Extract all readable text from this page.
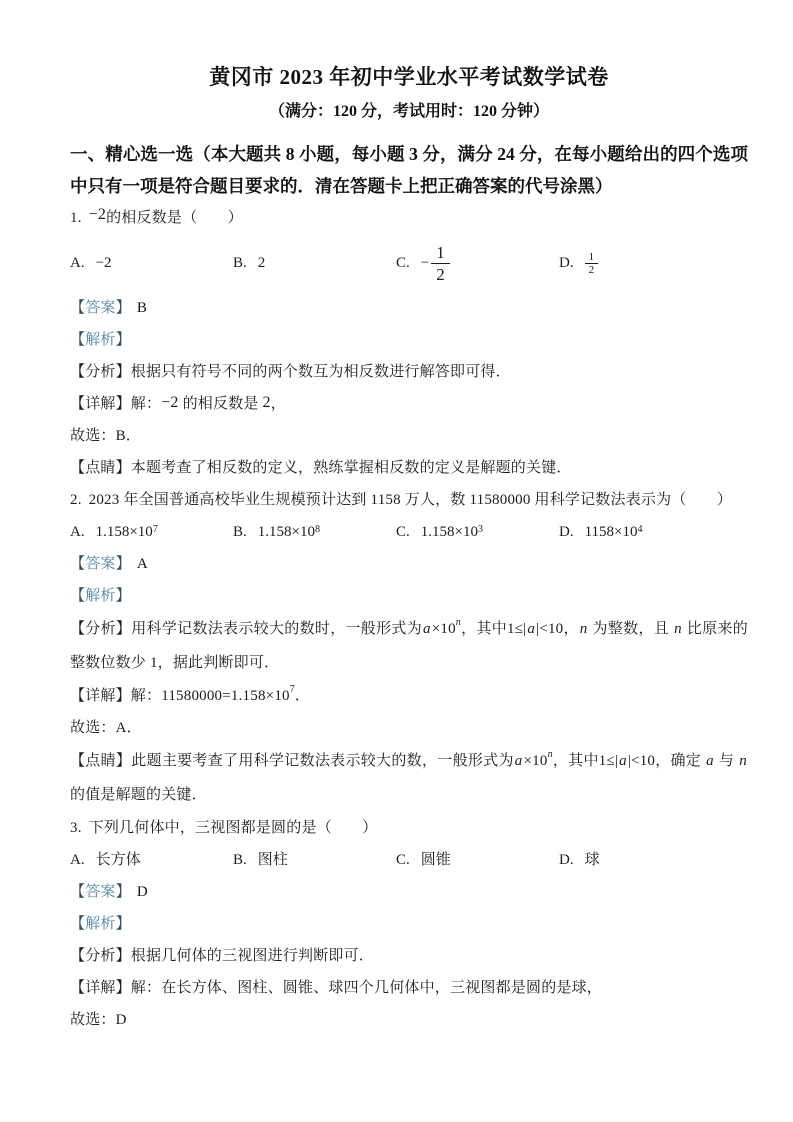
黄冈市 2023 年初中学业水平考试数学试卷

（满分：120 分，考试用时：120 分钟）

一、精心选一选（本大题共 8 小题，每小题 3 分，满分 24 分，在每小题给出的四个选项中只有一项是符合题目要求的．清在答题卡上把正确答案的代号涂黑）

1. −2的相反数是（　　）

A. −2	B. 2	C. − $\frac{1}{2}$	D. $\frac{1}{2}$

【答案】 B

【解析】

【分析】根据只有符号不同的两个数互为相反数进行解答即可得．

【详解】解：−2 的相反数是 2，

故选：B．

【点睛】本题考查了相反数的定义，熟练掌握相反数的定义是解题的关键．

2. 2023 年全国普通高校毕业生规模预计达到 1158 万人，数 11580000 用科学记数法表示为（　　）

A. $1.158\times 10^7$	B. $1.158\times 10^8$	C. $1.158\times 10^3$	D. $1158\times 10^4$

【答案】 A

【解析】

【分析】用科学记数法表示较大的数时，一般形式为$a\times 10^n$，其中1≤|a|<10，n 为整数，且 n 比原来的整数位数少 1，据此判断即可．

【详解】解：$11580000=1.158\times 10^7$．

故选：A．

【点睛】此题主要考查了用科学记数法表示较大的数，一般形式为$a\times 10^n$，其中1≤|a|<10，确定 a 与 n 的值是解题的关键．

3. 下列几何体中，三视图都是圆的是（　　）

A. 长方体	B. 图柱	C. 圆锥	D. 球

【答案】 D

【解析】

【分析】根据几何体的三视图进行判断即可．

【详解】解：在长方体、图柱、圆锥、球四个几何体中，三视图都是圆的是球，

故选：D
